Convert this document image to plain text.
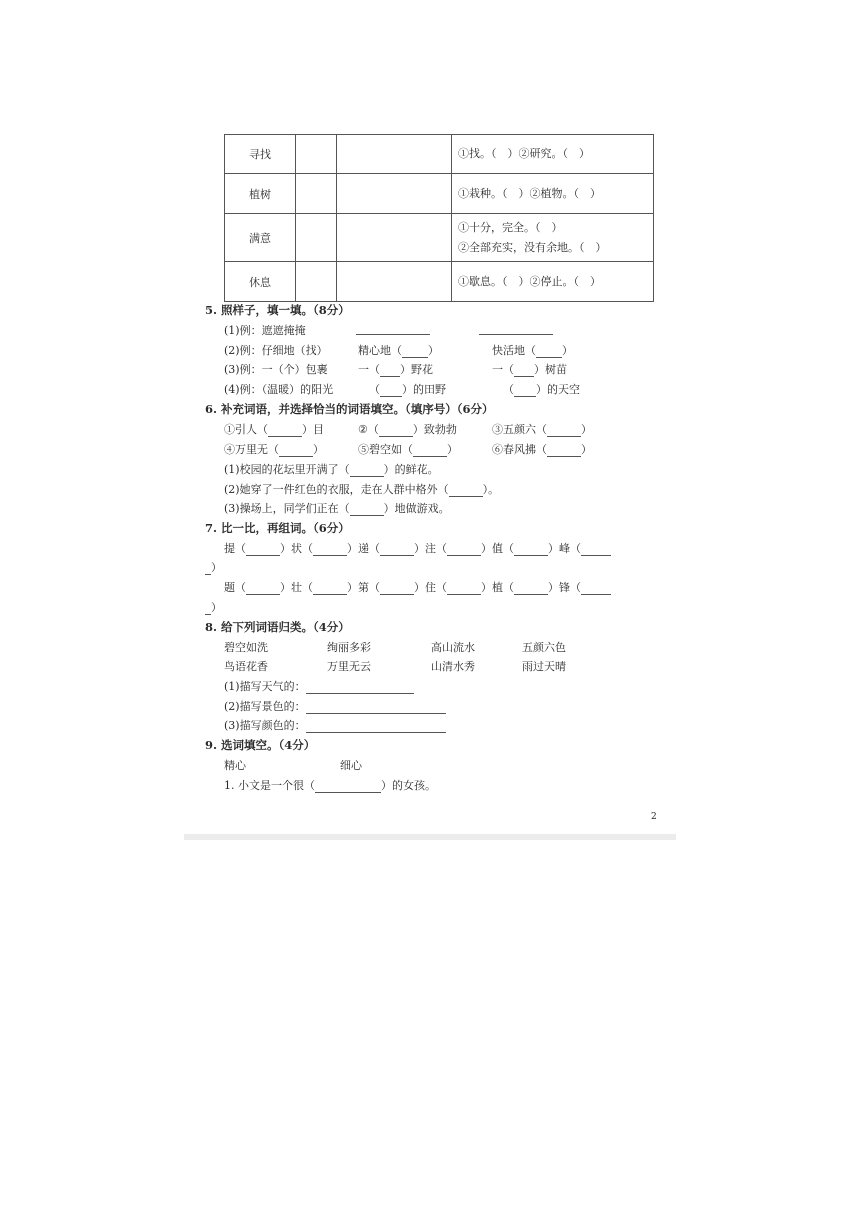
寻找			①找。（　）②研究。（　）
植树			①栽种。（　）②植物。（　）
满意			①十分，完全。（　）
②全部充实，没有余地。（　）

休息			①歇息。（　）②停止。（　）
5. 照样子，填一填。（8分）
(1)例：遮遮掩掩
(2)例：仔细地（找）	精心地（ ）	快活地（ ）
(3)例：一（个）包裹	一（ ）野花	一（ ）树苗
(4)例：（温暖）的阳光	（ ）的田野	（ ）的天空
6. 补充词语，并选择恰当的词语填空。（填序号）（6分）
①引人（	）目	②（	）致勃勃	③五颜六（	）
④万里无（	）	⑤碧空如（	）	⑥春风拂（	）
(1)校园的花坛里开满了（	）的鲜花。
(2)她穿了一件红色的衣服，走在人群中格外（	）。
(3)操场上，同学们正在（	）地做游戏。
7. 比一比，再组词。（6分）
提（	）状（	）递（	）注（	）值（	）峰（
）
题（	）壮（	）第（	）住（	）植（	）锋（
）
8. 给下列词语归类。（4分）
碧空如洗	绚丽多彩	高山流水	五颜六色
鸟语花香	万里无云	山清水秀	雨过天晴
(1)描写天气的：
(2)描写景色的：
(3)描写颜色的：
9. 选词填空。（4分）
精心	细心
1. 小文是一个很（	）的女孩。
2
